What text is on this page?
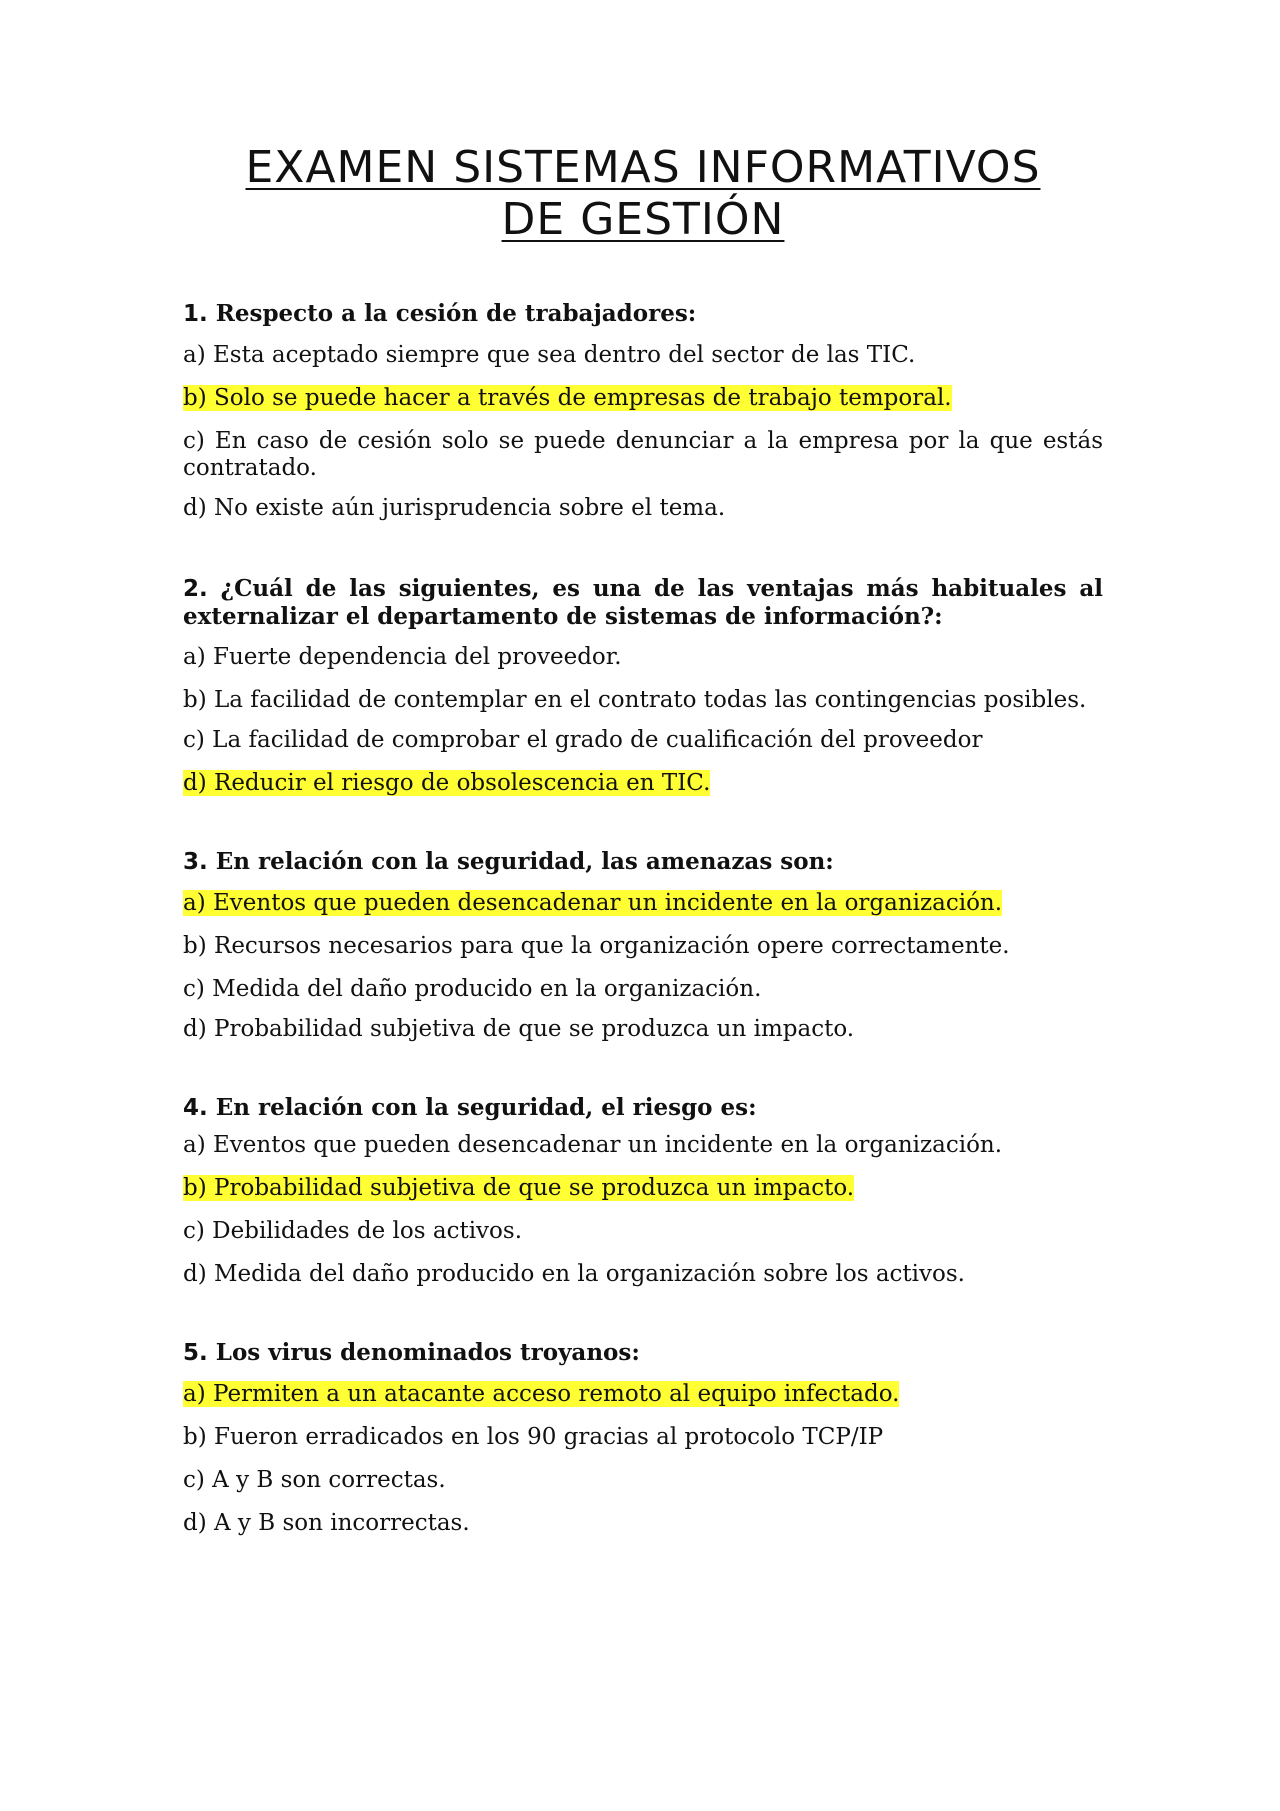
EXAMEN SISTEMAS INFORMATIVOS
DE GESTIÓN

1. Respecto a la cesión de trabajadores:

a) Esta aceptado siempre que sea dentro del sector de las TIC.

b) Solo se puede hacer a través de empresas de trabajo temporal.

c) En caso de cesión solo se puede denunciar a la empresa por la que estás contratado.

d) No existe aún jurisprudencia sobre el tema.

2. ¿Cuál de las siguientes, es una de las ventajas más habituales al externalizar el departamento de sistemas de información?:

a) Fuerte dependencia del proveedor.

b) La facilidad de contemplar en el contrato todas las contingencias posibles.

c) La facilidad de comprobar el grado de cualificación del proveedor

d) Reducir el riesgo de obsolescencia en TIC.

3. En relación con la seguridad, las amenazas son:

a) Eventos que pueden desencadenar un incidente en la organización.

b) Recursos necesarios para que la organización opere correctamente.

c) Medida del daño producido en la organización.

d) Probabilidad subjetiva de que se produzca un impacto.

4. En relación con la seguridad, el riesgo es:

a) Eventos que pueden desencadenar un incidente en la organización.

b) Probabilidad subjetiva de que se produzca un impacto.

c) Debilidades de los activos.

d) Medida del daño producido en la organización sobre los activos.

5. Los virus denominados troyanos:

a) Permiten a un atacante acceso remoto al equipo infectado.

b) Fueron erradicados en los 90 gracias al protocolo TCP/IP

c) A y B son correctas.

d) A y B son incorrectas.
